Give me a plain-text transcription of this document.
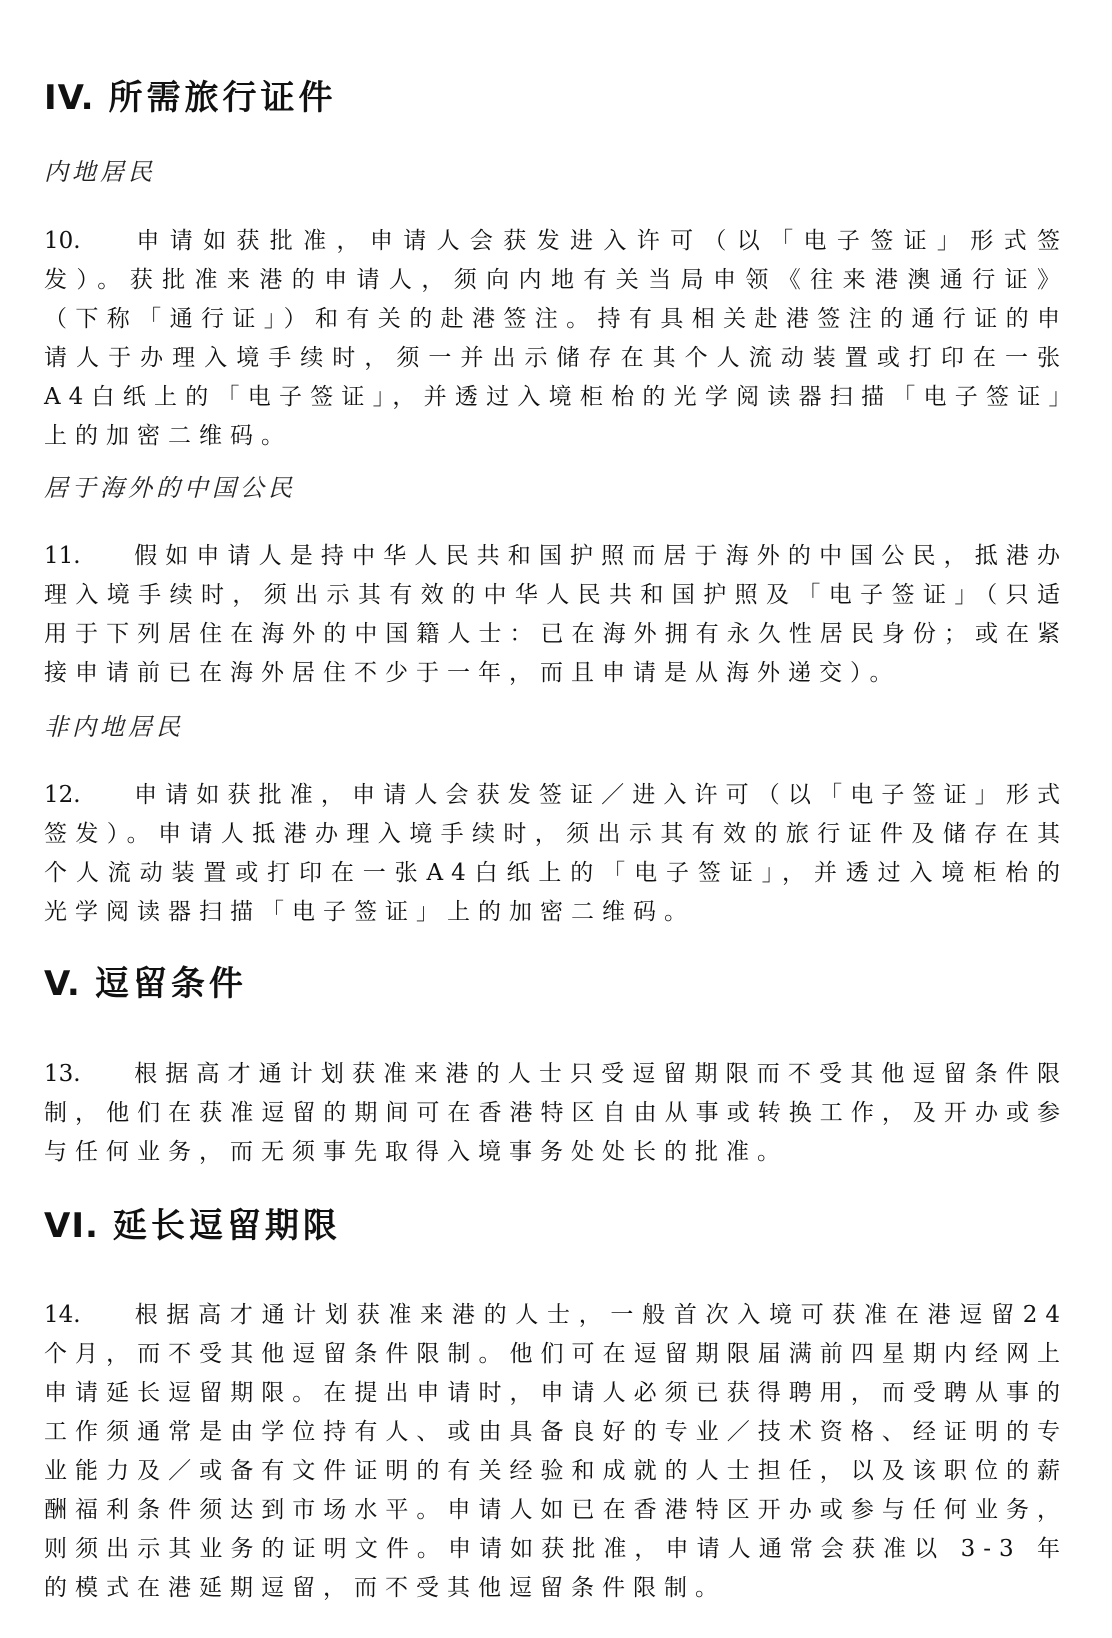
IV. 所需旅行证件

内地居民

10. 申请如获批准，申请人会获发进入许可（以「电子签证」形式签发）。获批准来港的申请人，须向内地有关当局申领《往来港澳通行证》（下称「通行证」）和有关的赴港签注。持有具相关赴港签注的通行证的申请人于办理入境手续时，须一并出示储存在其个人流动装置或打印在一张A4白纸上的「电子签证」，并透过入境柜枱的光学阅读器扫描「电子签证」上的加密二维码。

居于海外的中国公民

11. 假如申请人是持中华人民共和国护照而居于海外的中国公民，抵港办理入境手续时，须出示其有效的中华人民共和国护照及「电子签证」（只适用于下列居住在海外的中国籍人士：已在海外拥有永久性居民身份；或在紧接申请前已在海外居住不少于一年，而且申请是从海外递交）。

非内地居民

12. 申请如获批准，申请人会获发签证／进入许可（以「电子签证」形式签发）。申请人抵港办理入境手续时，须出示其有效的旅行证件及储存在其个人流动装置或打印在一张A4白纸上的「电子签证」，并透过入境柜枱的光学阅读器扫描「电子签证」上的加密二维码。

V. 逗留条件

13. 根据高才通计划获准来港的人士只受逗留期限而不受其他逗留条件限制，他们在获准逗留的期间可在香港特区自由从事或转换工作，及开办或参与任何业务，而无须事先取得入境事务处处长的批准。

VI. 延长逗留期限

14. 根据高才通计划获准来港的人士，一般首次入境可获准在港逗留24个月，而不受其他逗留条件限制。他们可在逗留期限届满前四星期内经网上申请延长逗留期限。在提出申请时，申请人必须已获得聘用，而受聘从事的工作须通常是由学位持有人、或由具备良好的专业／技术资格、经证明的专业能力及／或备有文件证明的有关经验和成就的人士担任，以及该职位的薪酬福利条件须达到市场水平。申请人如已在香港特区开办或参与任何业务，则须出示其业务的证明文件。申请如获批准，申请人通常会获准以 3-3 年的模式在港延期逗留，而不受其他逗留条件限制。
